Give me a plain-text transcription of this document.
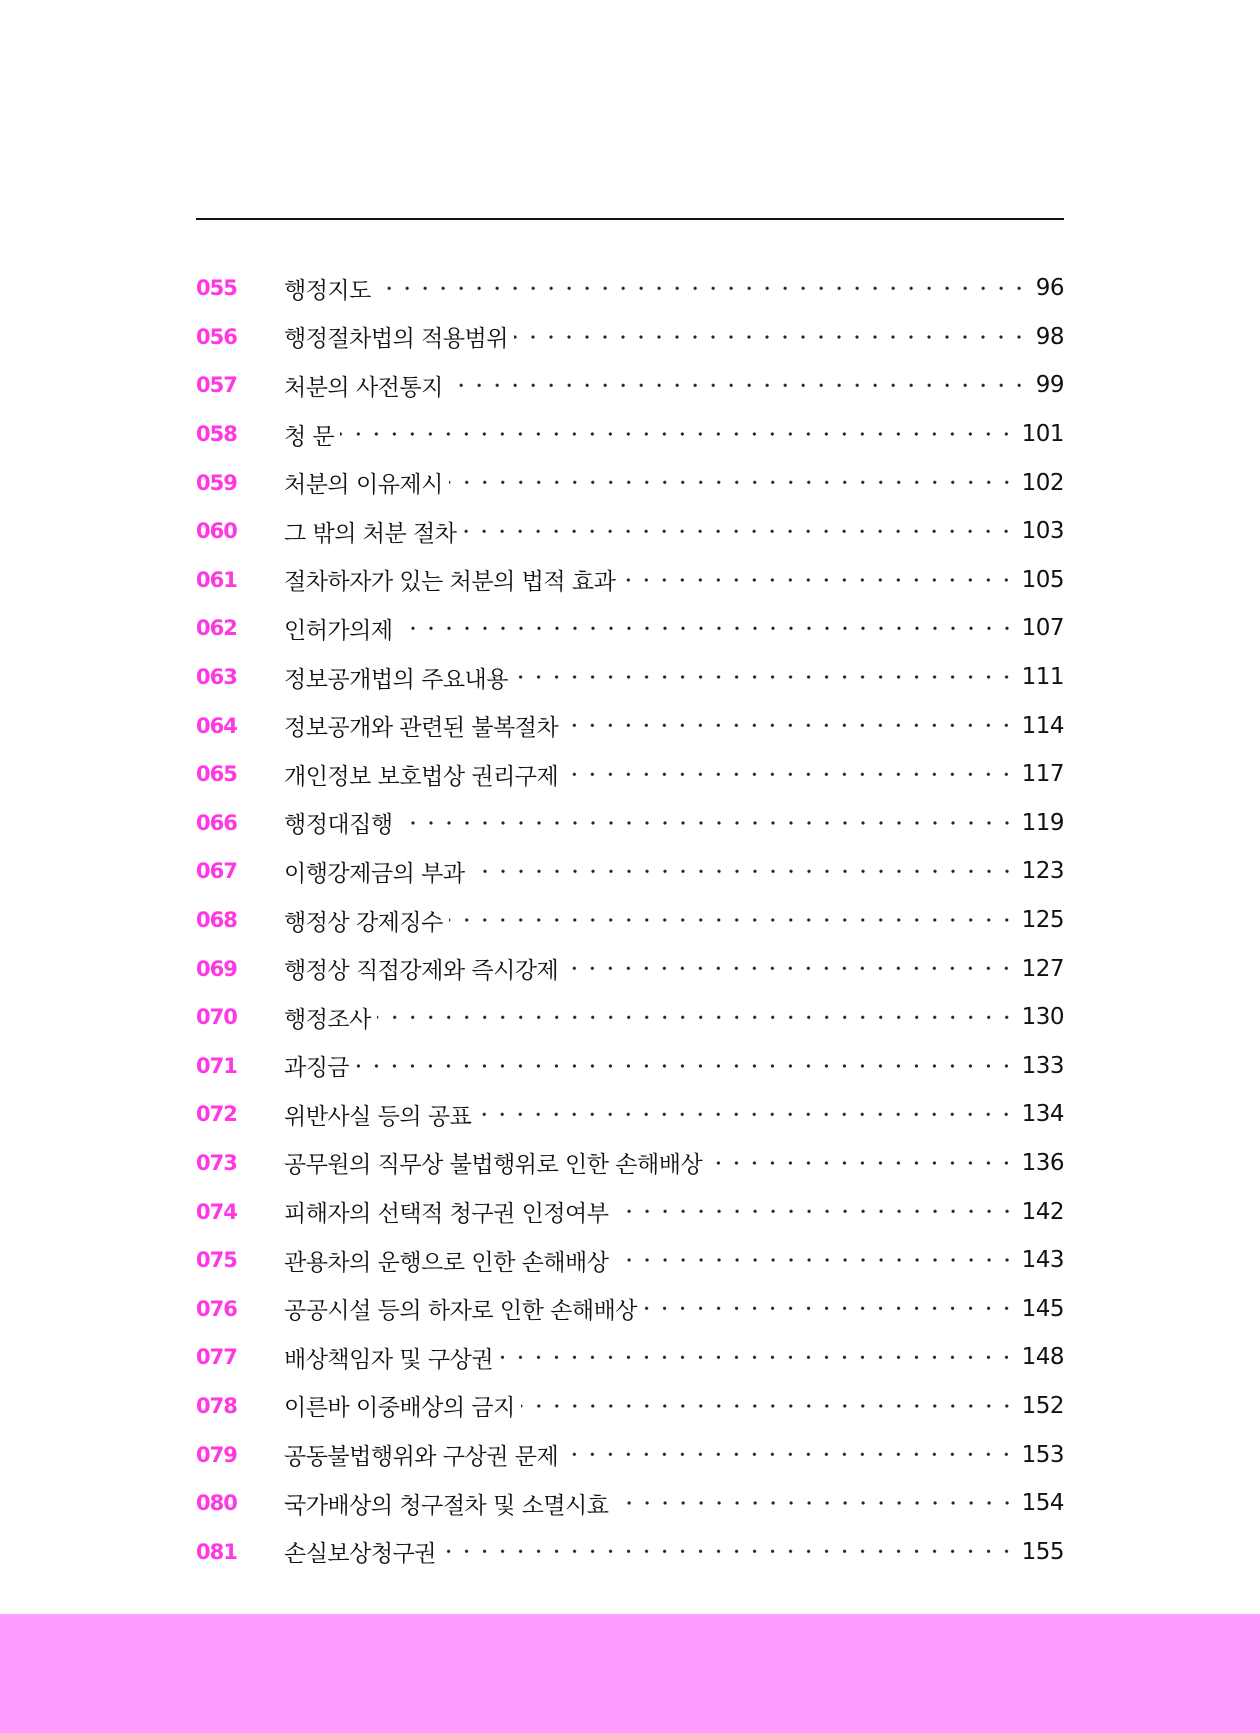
055	행정지도	96
056	행정절차법의 적용범위	98
057	처분의 사전통지	99
058	청 문	101
059	처분의 이유제시	102
060	그 밖의 처분 절차	103
061	절차하자가 있는 처분의 법적 효과	105
062	인허가의제	107
063	정보공개법의 주요내용	111
064	정보공개와 관련된 불복절차	114
065	개인정보 보호법상 권리구제	117
066	행정대집행	119
067	이행강제금의 부과	123
068	행정상 강제징수	125
069	행정상 직접강제와 즉시강제	127
070	행정조사	130
071	과징금	133
072	위반사실 등의 공표	134
073	공무원의 직무상 불법행위로 인한 손해배상	136
074	피해자의 선택적 청구권 인정여부	142
075	관용차의 운행으로 인한 손해배상	143
076	공공시설 등의 하자로 인한 손해배상	145
077	배상책임자 및 구상권	148
078	이른바 이중배상의 금지	152
079	공동불법행위와 구상권 문제	153
080	국가배상의 청구절차 및 소멸시효	154
081	손실보상청구권	155
